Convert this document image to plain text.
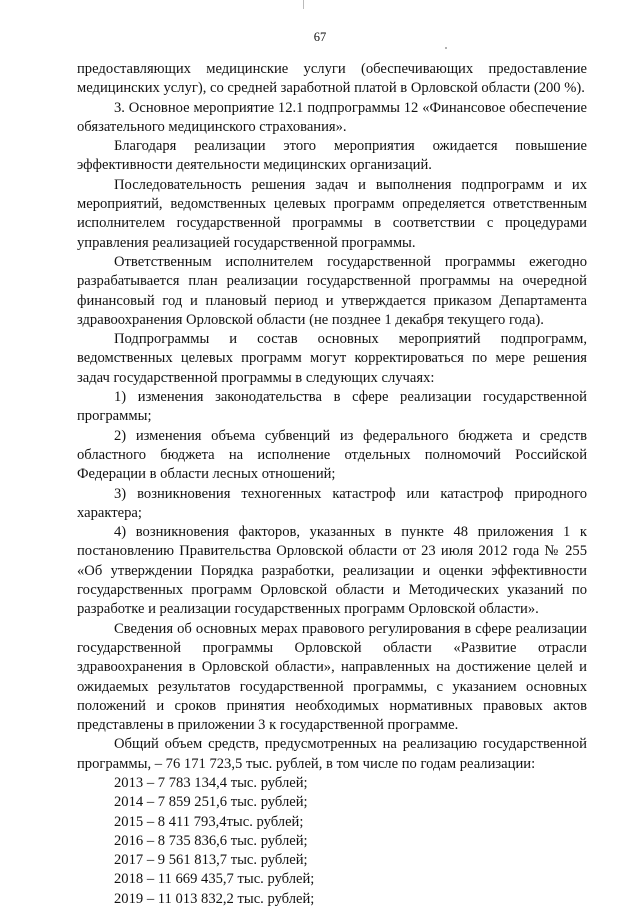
67

предоставляющих медицинские услуги (обеспечивающих предоставление медицинских услуг), со средней заработной платой в Орловской области (200 %).

3. Основное мероприятие 12.1 подпрограммы 12 «Финансовое обеспечение обязательного медицинского страхования».

Благодаря реализации этого мероприятия ожидается повышение эффективности деятельности медицинских организаций.

Последовательность решения задач и выполнения подпрограмм и их мероприятий, ведомственных целевых программ определяется ответственным исполнителем государственной программы в соответствии с процедурами управления реализацией государственной программы.

Ответственным исполнителем государственной программы ежегодно разрабатывается план реализации государственной программы на очередной финансовый год и плановый период и утверждается приказом Департамента здравоохранения Орловской области (не позднее 1 декабря текущего года).

Подпрограммы и состав основных мероприятий подпрограмм, ведомственных целевых программ могут корректироваться по мере решения задач государственной программы в следующих случаях:

1) изменения законодательства в сфере реализации государственной программы;

2) изменения объема субвенций из федерального бюджета и средств областного бюджета на исполнение отдельных полномочий Российской Федерации в области лесных отношений;

3) возникновения техногенных катастроф или катастроф природного характера;

4) возникновения факторов, указанных в пункте 48 приложения 1 к постановлению Правительства Орловской области от 23 июля 2012 года № 255 «Об утверждении Порядка разработки, реализации и оценки эффективности государственных программ Орловской области и Методических указаний по разработке и реализации государственных программ Орловской области».

Сведения об основных мерах правового регулирования в сфере реализации государственной программы Орловской области «Развитие отрасли здравоохранения в Орловской области», направленных на достижение целей и ожидаемых результатов государственной программы, с указанием основных положений и сроков принятия необходимых нормативных правовых актов представлены в приложении 3 к государственной программе.

Общий объем средств, предусмотренных на реализацию государственной программы, – 76 171 723,5 тыс. рублей, в том числе по годам реализации:

2013 – 7 783 134,4 тыс. рублей;

2014 – 7 859 251,6 тыс. рублей;

2015 – 8 411 793,4тыс. рублей;

2016 – 8 735 836,6 тыс. рублей;

2017 – 9 561 813,7 тыс. рублей;

2018 – 11 669 435,7 тыс. рублей;

2019 – 11 013 832,2 тыс. рублей;
